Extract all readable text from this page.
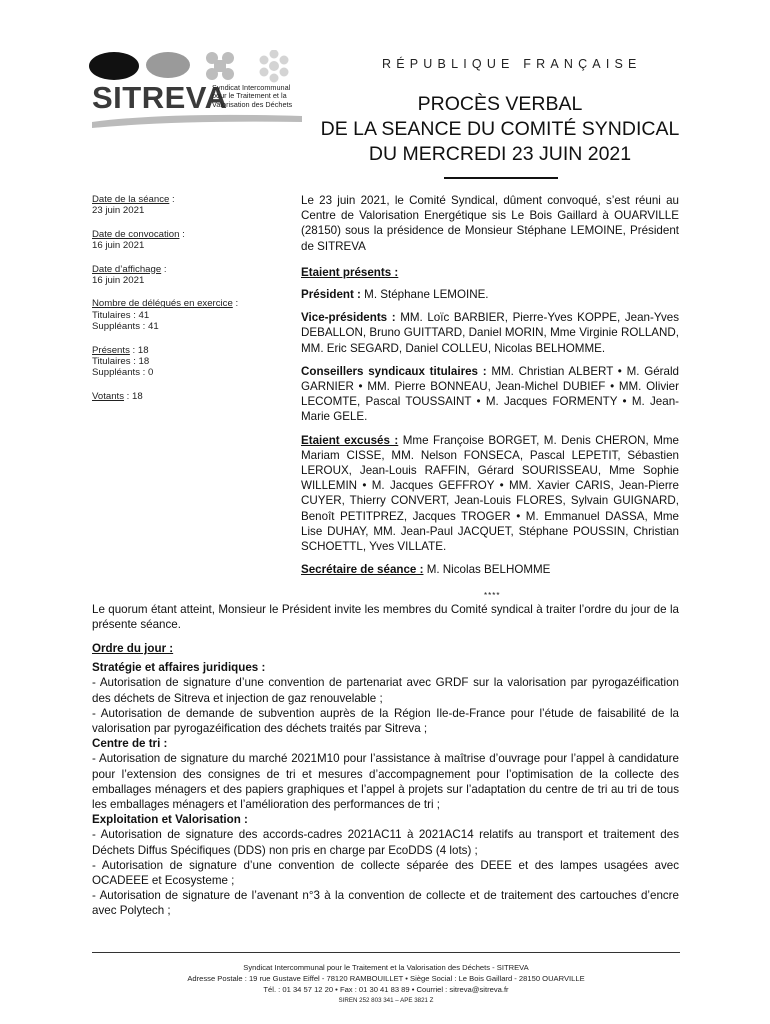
SITREVA
Syndicat Intercommunal
pour le Traitement et la
Valorisation des Déchets
RÉPUBLIQUE FRANÇAISE
PROCÈS VERBAL
DE LA SEANCE DU COMITÉ SYNDICAL
DU MERCREDI 23 JUIN 2021
Date de la séance :
23 juin 2021
Date de convocation :
16 juin 2021
Date d’affichage :
16 juin 2021
Nombre de délégués en exercice :
Titulaires : 41
Suppléants : 41
Présents : 18
Titulaires : 18
Suppléants : 0
Votants : 18

Le 23 juin 2021, le Comité Syndical, dûment convoqué, s’est réuni au Centre de Valorisation Energétique sis Le Bois Gaillard à OUARVILLE (28150) sous la présidence de Monsieur Stéphane LEMOINE, Président de SITREVA

Etaient présents :

Président : M. Stéphane LEMOINE.

Vice-présidents : MM. Loïc BARBIER, Pierre-Yves KOPPE, Jean-Yves DEBALLON, Bruno GUITTARD, Daniel MORIN, Mme Virginie ROLLAND, MM. Eric SEGARD, Daniel COLLEU, Nicolas BELHOMME.

Conseillers syndicaux titulaires : MM. Christian ALBERT • M. Gérald GARNIER • MM. Pierre BONNEAU, Jean-Michel DUBIEF • MM. Olivier LECOMTE, Pascal TOUSSAINT • M. Jacques FORMENTY • M. Jean-Marie GELE.

Etaient excusés : Mme Françoise BORGET, M. Denis CHERON, Mme Mariam CISSE, MM. Nelson FONSECA, Pascal LEPETIT, Sébastien LEROUX, Jean-Louis RAFFIN, Gérard SOURISSEAU, Mme Sophie WILLEMIN • M. Jacques GEFFROY • MM. Xavier CARIS, Jean-Pierre CUYER, Thierry CONVERT, Jean-Louis FLORES, Sylvain GUIGNARD, Benoît PETITPREZ, Jacques TROGER • M. Emmanuel DASSA, Mme Lise DUHAY, MM. Jean-Paul JACQUET, Stéphane POUSSIN, Christian SCHOETTL, Yves VILLATE.

Secrétaire de séance : M. Nicolas BELHOMME

****
Le quorum étant atteint, Monsieur le Président invite les membres du Comité syndical à traiter l’ordre du jour de la présente séance.
Ordre du jour :
Stratégie et affaires juridiques :
- Autorisation de signature d’une convention de partenariat avec GRDF sur la valorisation par pyrogazéification des déchets de Sitreva et injection de gaz renouvelable ;
- Autorisation de demande de subvention auprès de la Région Ile-de-France pour l’étude de faisabilité de la valorisation par pyrogazéification des déchets traités par Sitreva ;
Centre de tri :
- Autorisation de signature du marché 2021M10 pour l’assistance à maîtrise d’ouvrage pour l’appel à candidature pour l’extension des consignes de tri et mesures d’accompagnement pour l’optimisation de la collecte des emballages ménagers et des papiers graphiques et l’appel à projets sur l’adaptation du centre de tri au tri de tous les emballages ménagers et l’amélioration des performances de tri ;
Exploitation et Valorisation :
- Autorisation de signature des accords-cadres 2021AC11 à 2021AC14 relatifs au transport et traitement des Déchets Diffus Spécifiques (DDS) non pris en charge par EcoDDS (4 lots) ;
- Autorisation de signature d’une convention de collecte séparée des DEEE et des lampes usagées avec OCADEEE et Ecosysteme ;
- Autorisation de signature de l’avenant n°3 à la convention de collecte et de traitement des cartouches d’encre avec Polytech ;
Syndicat Intercommunal pour le Traitement et la Valorisation des Déchets - SITREVA
Adresse Postale : 19 rue Gustave Eiffel - 78120 RAMBOUILLET • Siège Social : Le Bois Gaillard - 28150 OUARVILLE
Tél. : 01 34 57 12 20 • Fax : 01 30 41 83 89 • Courriel : sitreva@sitreva.fr
SIREN 252 803 341 – APE 3821 Z
